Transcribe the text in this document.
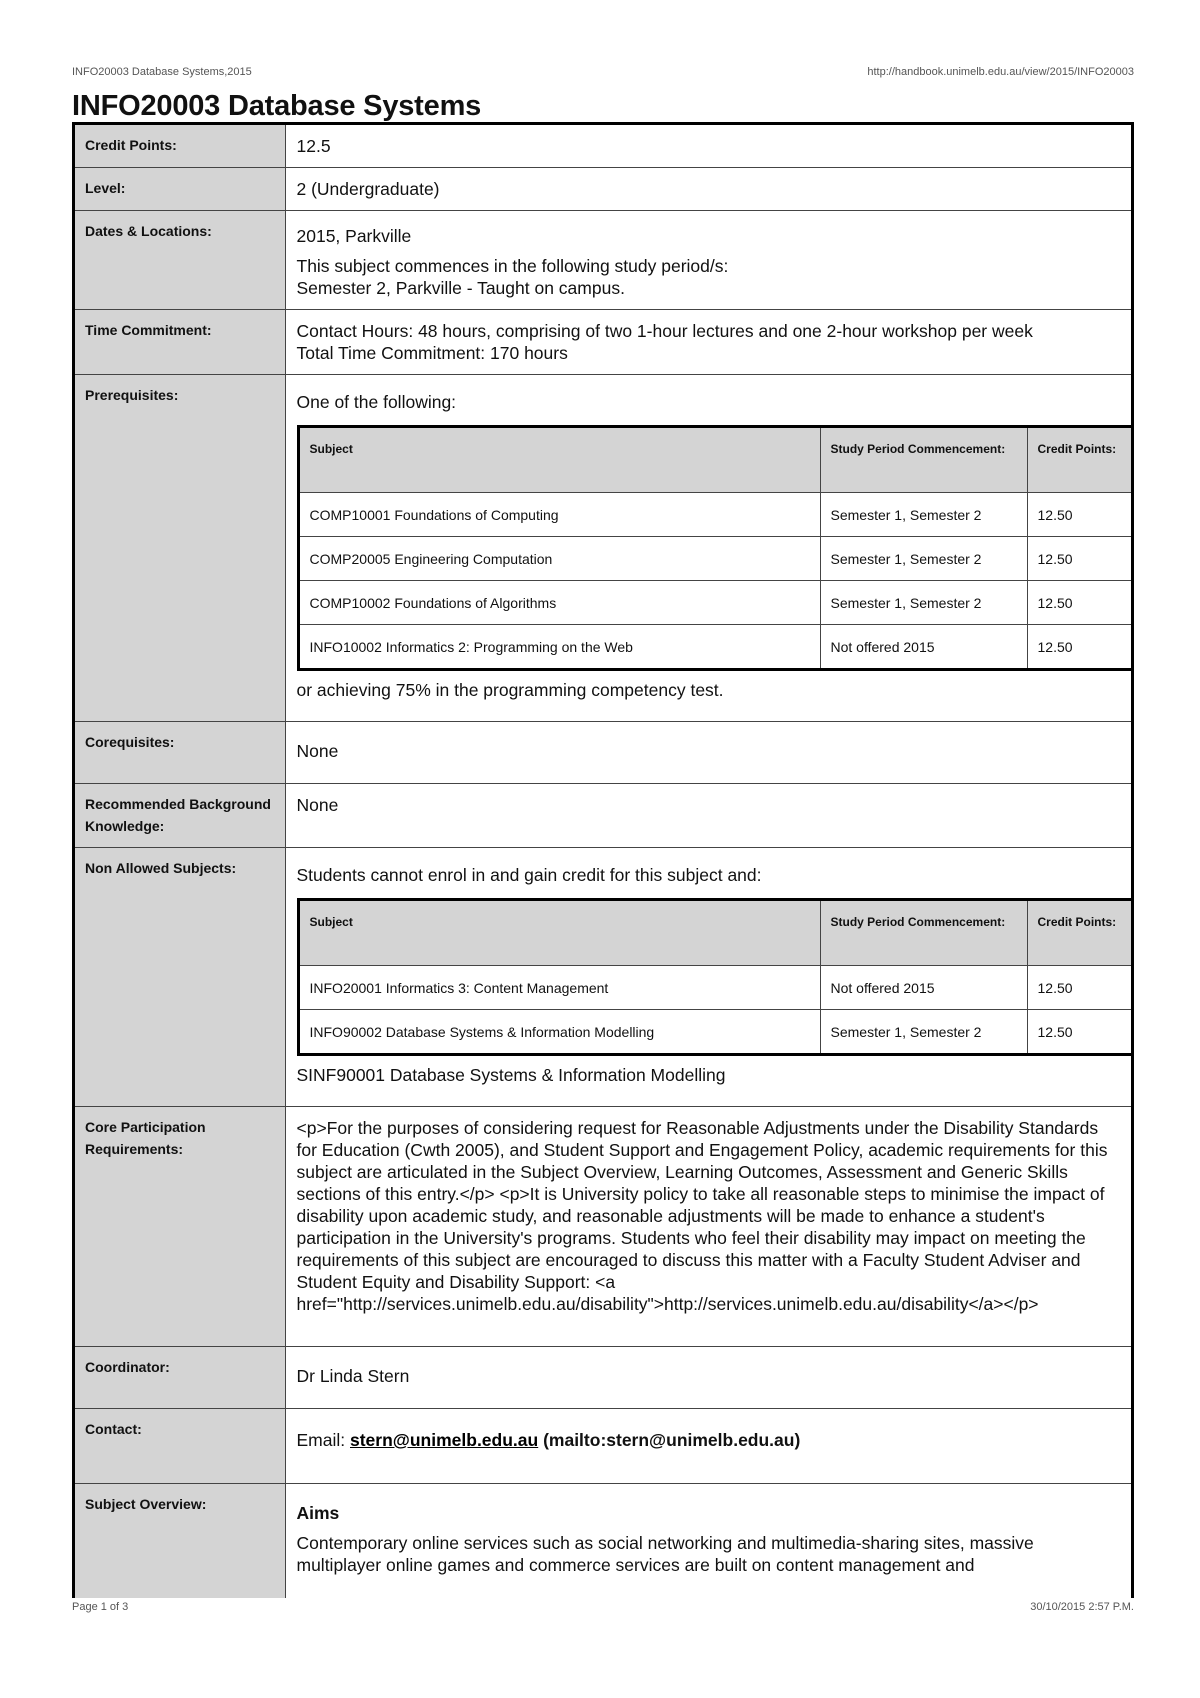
INFO20003 Database Systems,2015	http://handbook.unimelb.edu.au/view/2015/INFO20003
INFO20003 Database Systems
Credit Points:	12.5
Level:	2 (Undergraduate)
Dates & Locations:	2015, Parkville

This subject commences in the following study period/s:

Semester 2, Parkville - Taught on campus.

Time Commitment:	Contact Hours: 48 hours, comprising of two 1-hour lectures and one 2-hour workshop per week

Total Time Commitment: 170 hours

Prerequisites:	One of the following:

Subject	Study Period Commencement:	Credit Points:
COMP10001 Foundations of Computing	Semester 1, Semester 2	12.50
COMP20005 Engineering Computation	Semester 1, Semester 2	12.50
COMP10002 Foundations of Algorithms	Semester 1, Semester 2	12.50
INFO10002 Informatics 2: Programming on the Web	Not offered 2015	12.50

or achieving 75% in the programming competency test.

Corequisites:	None
Recommended Background Knowledge:	None
Non Allowed Subjects:	Students cannot enrol in and gain credit for this subject and:

Subject	Study Period Commencement:	Credit Points:
INFO20001 Informatics 3: Content Management	Not offered 2015	12.50
INFO90002 Database Systems & Information Modelling	Semester 1, Semester 2	12.50

SINF90001 Database Systems & Information Modelling

Core Participation Requirements:	<p>For the purposes of considering request for Reasonable Adjustments under the Disability Standards for Education (Cwth 2005), and Student Support and Engagement Policy, academic requirements for this subject are articulated in the Subject Overview, Learning Outcomes, Assessment and Generic Skills sections of this entry.</p> <p>It is University policy to take all reasonable steps to minimise the impact of disability upon academic study, and reasonable adjustments will be made to enhance a student's participation in the University's programs. Students who feel their disability may impact on meeting the requirements of this subject are encouraged to discuss this matter with a Faculty Student Adviser and Student Equity and Disability Support: <a href="http://services.unimelb.edu.au/disability">http://services.unimelb.edu.au/disability</a></p>
Coordinator:	Dr Linda Stern
Contact:	Email: stern@unimelb.edu.au (mailto:stern@unimelb.edu.au)
Subject Overview:	Aims

Contemporary online services such as social networking and multimedia-sharing sites, massive multiplayer online games and commerce services are built on content management and

Page 1 of 3	30/10/2015 2:57 P.M.
